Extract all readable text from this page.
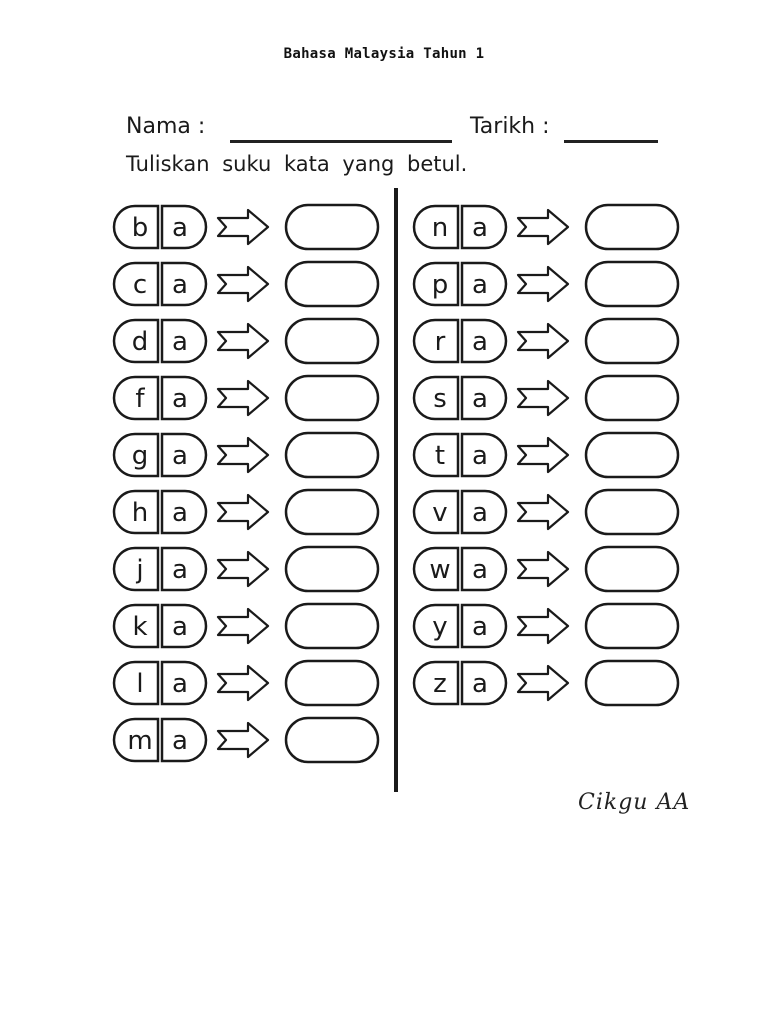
Bahasa Malaysia Tahun 1
Nama :	Tarikh :
Tuliskan suku kata yang betul.
b a
c a
d a
f a
g a
h a
j a
k a
l a
m a
n a
p a
r a
s a
t a
v a
w a
y a
z a
Cikgu AA
